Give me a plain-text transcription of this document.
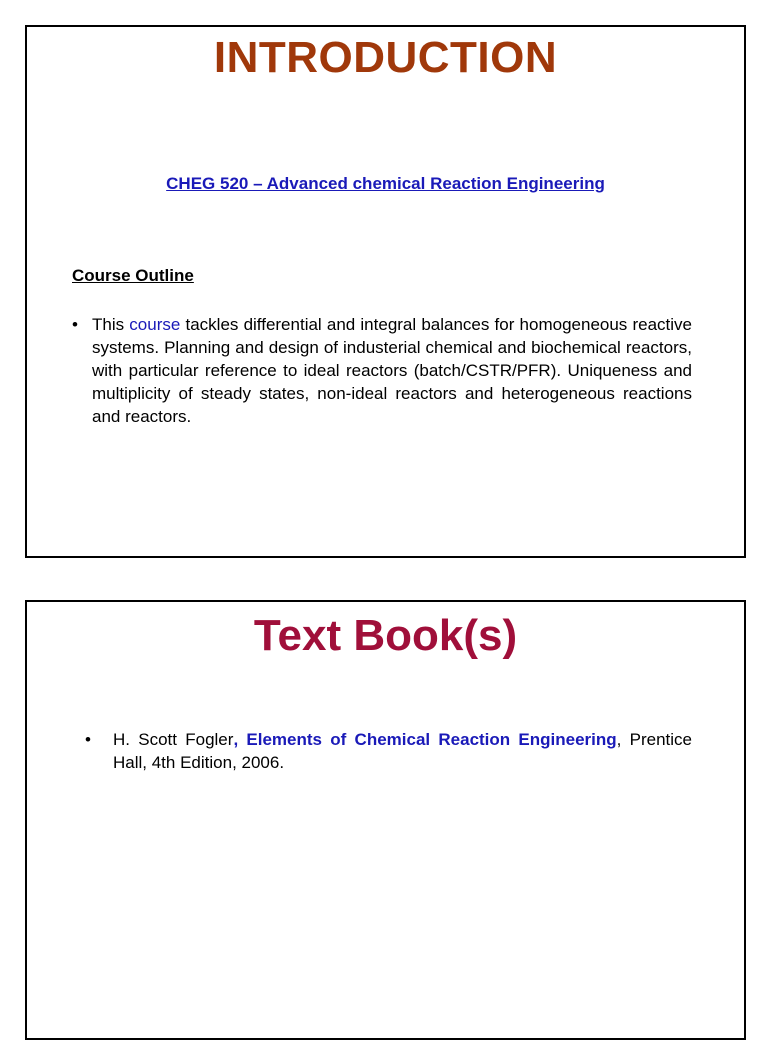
INTRODUCTION
CHEG 520 – Advanced chemical Reaction Engineering
Course Outline
• This course tackles differential and integral balances for homogeneous reactive systems. Planning and design of industerial chemical and biochemical reactors, with particular reference to ideal reactors (batch/CSTR/PFR). Uniqueness and multiplicity of steady states, non-ideal reactors and heterogeneous reactions and reactors.
Text Book(s)
•	H. Scott Fogler, Elements of Chemical Reaction Engineering, Prentice Hall, 4th Edition, 2006.
